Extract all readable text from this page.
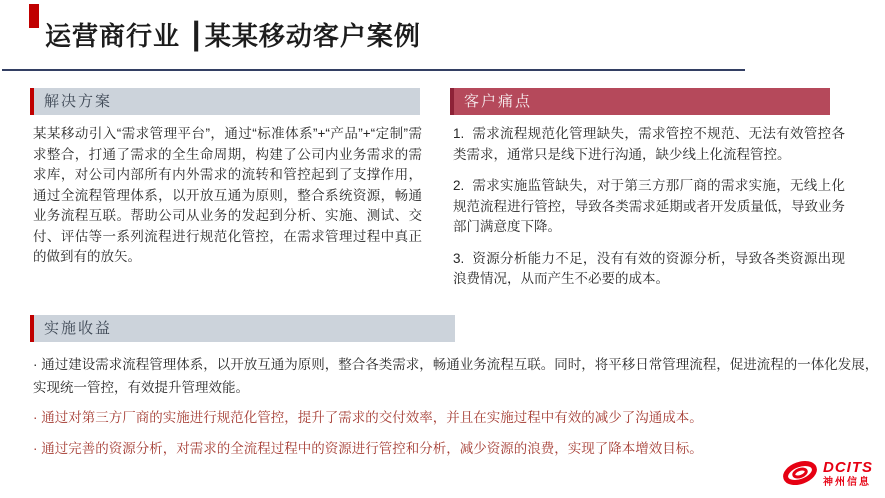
运营商行业 ┃某某移动客户案例
解决方案

某某移动引入“需求管理平台”，通过“标准体系”+“产品”+“定制”需求整合，打通了需求的全生命周期，构建了公司内业务需求的需求库，对公司内部所有内外需求的流转和管控起到了支撑作用，通过全流程管理体系，以开放互通为原则，整合系统资源，畅通业务流程互联。帮助公司从业务的发起到分析、实施、测试、交付、评估等一系列流程进行规范化管控，在需求管理过程中真正的做到有的放矢。

客户痛点

1.  需求流程规范化管理缺失，需求管控不规范、无法有效管控各类需求，通常只是线下进行沟通，缺少线上化流程管控。

2.  需求实施监管缺失，对于第三方那厂商的需求实施，无线上化规范流程进行管控，导致各类需求延期或者开发质量低，导致业务部门满意度下降。

3.  资源分析能力不足，没有有效的资源分析，导致各类资源出现浪费情况，从而产生不必要的成本。

实施收益

· 通过建设需求流程管理体系，以开放互通为原则，整合各类需求，畅通业务流程互联。同时，将平移日常管理流程，促进流程的一体化发展，实现统一管控，有效提升管理效能。

· 通过对第三方厂商的实施进行规范化管控，提升了需求的交付效率，并且在实施过程中有效的减少了沟通成本。

· 通过完善的资源分析，对需求的全流程过程中的资源进行管控和分析，减少资源的浪费，实现了降本增效目标。

DCITS
神州信息
